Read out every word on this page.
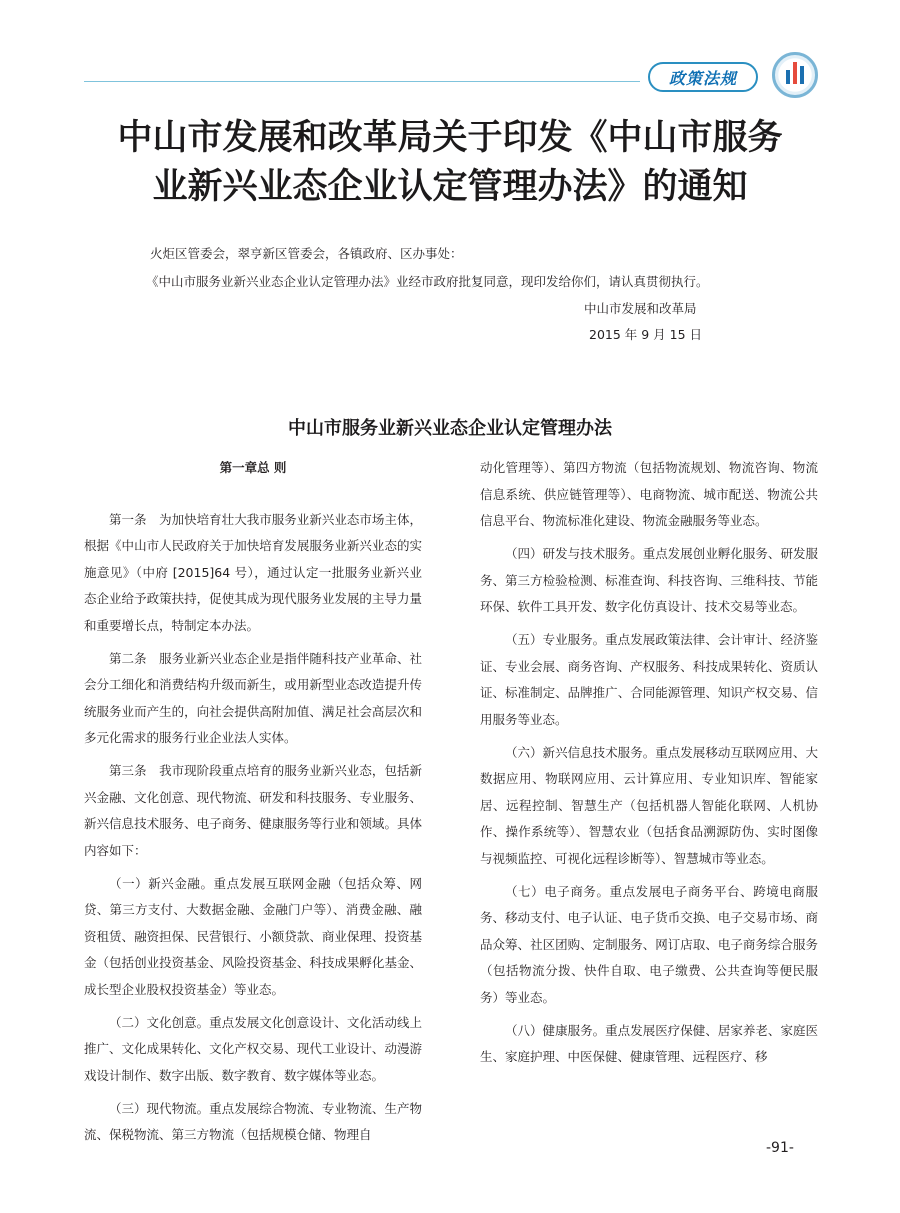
政策法规
中山市发展和改革局关于印发《中山市服务
业新兴业态企业认定管理办法》的通知
火炬区管委会，翠亨新区管委会，各镇政府、区办事处：
《中山市服务业新兴业态企业认定管理办法》业经市政府批复同意，现印发给你们，请认真贯彻执行。
中山市发展和改革局
2015 年 9 月 15 日
中山市服务业新兴业态企业认定管理办法

第一章总 则

第一条　为加快培育壮大我市服务业新兴业态市场主体，根据《中山市人民政府关于加快培育发展服务业新兴业态的实施意见》（中府 [2015]64 号），通过认定一批服务业新兴业态企业给予政策扶持，促使其成为现代服务业发展的主导力量和重要增长点，特制定本办法。

第二条　服务业新兴业态企业是指伴随科技产业革命、社会分工细化和消费结构升级而新生，或用新型业态改造提升传统服务业而产生的，向社会提供高附加值、满足社会高层次和多元化需求的服务行业企业法人实体。

第三条　我市现阶段重点培育的服务业新兴业态，包括新兴金融、文化创意、现代物流、研发和科技服务、专业服务、新兴信息技术服务、电子商务、健康服务等行业和领域。具体内容如下：

（一）新兴金融。重点发展互联网金融（包括众筹、网贷、第三方支付、大数据金融、金融门户等）、消费金融、融资租赁、融资担保、民营银行、小额贷款、商业保理、投资基金（包括创业投资基金、风险投资基金、科技成果孵化基金、成长型企业股权投资基金）等业态。

（二）文化创意。重点发展文化创意设计、文化活动线上推广、文化成果转化、文化产权交易、现代工业设计、动漫游戏设计制作、数字出版、数字教育、数字媒体等业态。

（三）现代物流。重点发展综合物流、专业物流、生产物流、保税物流、第三方物流（包括规模仓储、物理自

动化管理等）、第四方物流（包括物流规划、物流咨询、物流信息系统、供应链管理等）、电商物流、城市配送、物流公共信息平台、物流标准化建设、物流金融服务等业态。

（四）研发与技术服务。重点发展创业孵化服务、研发服务、第三方检验检测、标准查询、科技咨询、三维科技、节能环保、软件工具开发、数字化仿真设计、技术交易等业态。

（五）专业服务。重点发展政策法律、会计审计、经济鉴证、专业会展、商务咨询、产权服务、科技成果转化、资质认证、标准制定、品牌推广、合同能源管理、知识产权交易、信用服务等业态。

（六）新兴信息技术服务。重点发展移动互联网应用、大数据应用、物联网应用、云计算应用、专业知识库、智能家居、远程控制、智慧生产（包括机器人智能化联网、人机协作、操作系统等）、智慧农业（包括食品溯源防伪、实时图像与视频监控、可视化远程诊断等）、智慧城市等业态。

（七）电子商务。重点发展电子商务平台、跨境电商服务、移动支付、电子认证、电子货币交换、电子交易市场、商品众筹、社区团购、定制服务、网订店取、电子商务综合服务（包括物流分拨、快件自取、电子缴费、公共查询等便民服务）等业态。

（八）健康服务。重点发展医疗保健、居家养老、家庭医生、家庭护理、中医保健、健康管理、远程医疗、移

-91-
